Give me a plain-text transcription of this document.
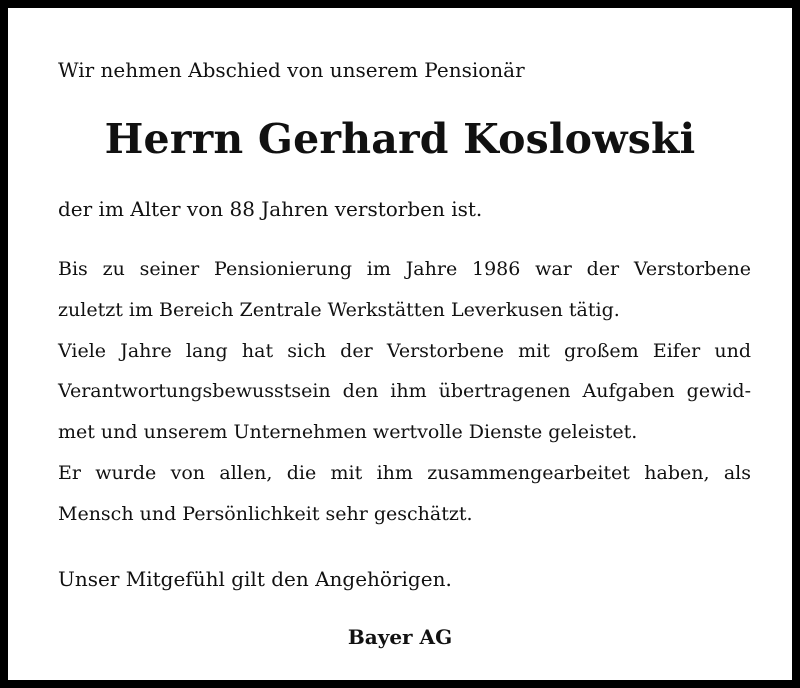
Wir nehmen Abschied von unserem Pensionär
Herrn Gerhard Koslowski
der im Alter von 88 Jahren verstorben ist.
Bis zu seiner Pensionierung im Jahre 1986 war der Verstorbene
zuletzt im Bereich Zentrale Werkstätten Leverkusen tätig.
Viele Jahre lang hat sich der Verstorbene mit großem Eifer und
Verantwortungsbewusstsein den ihm übertragenen Aufgaben gewid-
met und unserem Unternehmen wertvolle Dienste geleistet.
Er wurde von allen, die mit ihm zusammengearbeitet haben, als
Mensch und Persönlichkeit sehr geschätzt.
Unser Mitgefühl gilt den Angehörigen.
Bayer AG
